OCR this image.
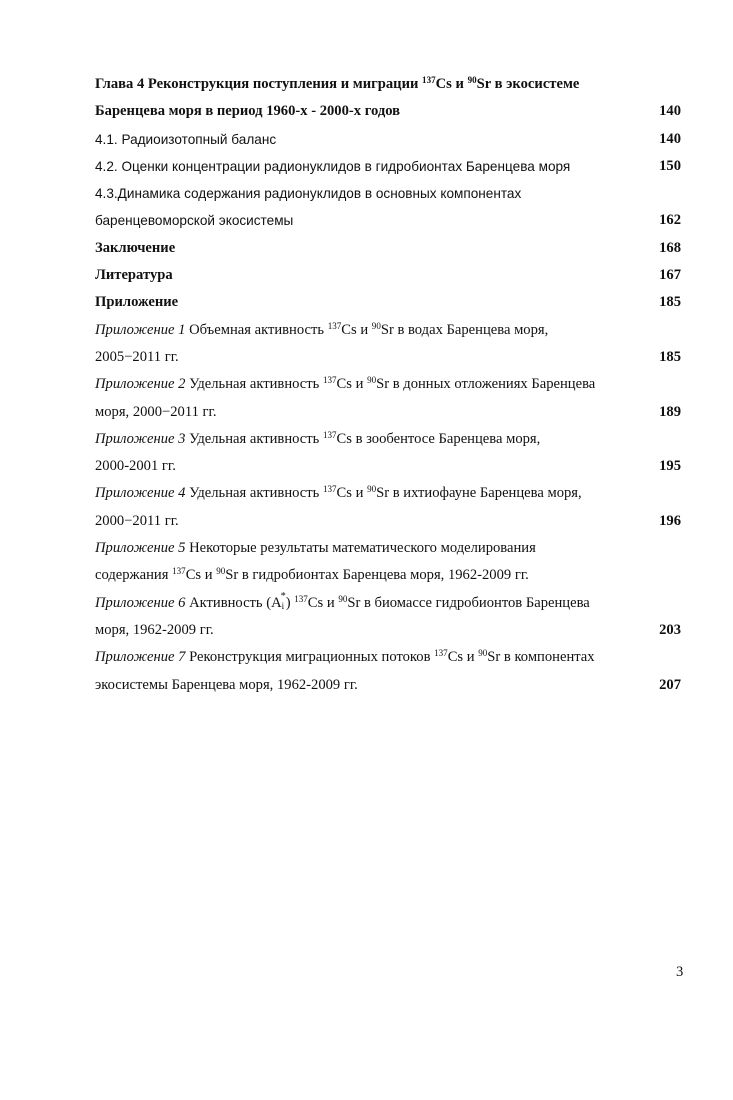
Глава 4 Реконструкция поступления и миграции $^{137}$Cs и $^{90}$Sr в экосистеме
Баренцева моря в период 1960-х - 2000-х годов	140
4.1. Радиоизотопный баланс	140
4.2. Оценки концентрации радионуклидов в гидробионтах Баренцева моря	150
4.3.Динамика содержания радионуклидов в основных компонентах
баренцевоморской экосистемы	162
Заключение	168
Литература	167
Приложение	185
Приложение 1 Объемная активность $^{137}$Cs и $^{90}$Sr в водах Баренцева моря,
2005−2011 гг.	185
Приложение 2 Удельная активность $^{137}$Cs и $^{90}$Sr в донных отложениях Баренцева
моря, 2000−2011 гг.	189
Приложение 3 Удельная активность $^{137}$Cs в зообентосе Баренцева моря,
2000-2001 гг.	195
Приложение 4 Удельная активность $^{137}$Cs и $^{90}$Sr в ихтиофауне Баренцева моря,
2000−2011 гг.	196
Приложение 5 Некоторые результаты математического моделирования
содержания $^{137}$Cs и $^{90}$Sr в гидробионтах Баренцева моря, 1962-2009 гг.
Приложение 6 Активность $(A_i^*)$ $^{137}$Cs и $^{90}$Sr в биомассе гидробионтов Баренцева
моря, 1962-2009 гг.	203
Приложение 7 Реконструкция миграционных потоков $^{137}$Cs и $^{90}$Sr в компонентах
экосистемы Баренцева моря, 1962-2009 гг.	207
3
